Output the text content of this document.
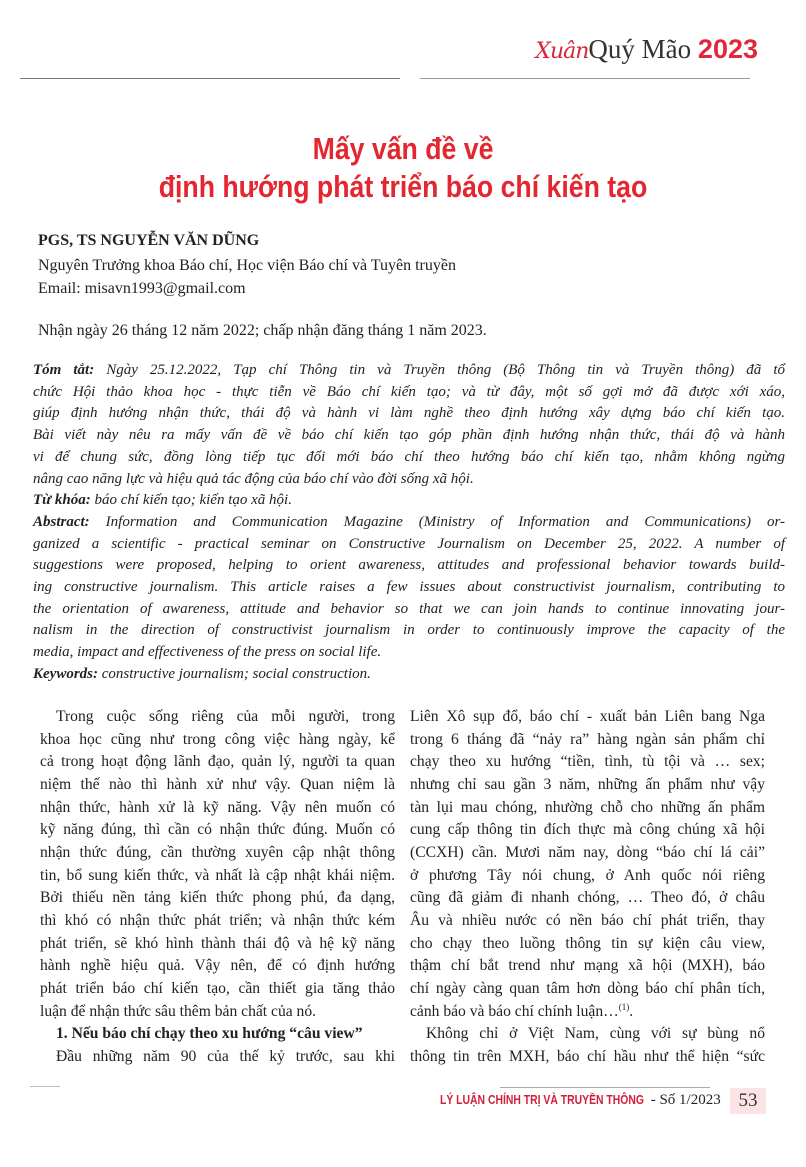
XuânQuý Mão 2023
Mấy vấn đề về
định hướng phát triển báo chí kiến tạo
PGS, TS NGUYỄN VĂN DŨNG
Nguyên Trưởng khoa Báo chí, Học viện Báo chí và Tuyên truyền
Email: misavn1993@gmail.com
Nhận ngày 26 tháng 12 năm 2022; chấp nhận đăng tháng 1 năm 2023.
Tóm tắt: Ngày 25.12.2022, Tạp chí Thông tin và Truyền thông (Bộ Thông tin và Truyền thông) đã tổ
chức Hội thảo khoa học - thực tiễn về Báo chí kiến tạo; và từ đây, một số gợi mở đã được xới xáo,
giúp định hướng nhận thức, thái độ và hành vi làm nghề theo định hướng xây dựng báo chí kiến tạo.
Bài viết này nêu ra mấy vấn đề về báo chí kiến tạo góp phần định hướng nhận thức, thái độ và hành
vi để chung sức, đồng lòng tiếp tục đổi mới báo chí theo hướng báo chí kiến tạo, nhằm không ngừng
nâng cao năng lực và hiệu quả tác động của báo chí vào đời sống xã hội.
Từ khóa: báo chí kiến tạo; kiến tạo xã hội.
Abstract: Information and Communication Magazine (Ministry of Information and Communications) or-
ganized a scientific - practical seminar on Constructive Journalism on December 25, 2022. A number of
suggestions were proposed, helping to orient awareness, attitudes and professional behavior towards build-
ing constructive journalism. This article raises a few issues about constructivist journalism, contributing to
the orientation of awareness, attitude and behavior so that we can join hands to continue innovating jour-
nalism in the direction of constructivist journalism in order to continuously improve the capacity of the
media, impact and effectiveness of the press on social life.
Keywords: constructive journalism; social construction.
Trong cuộc sống riêng của mỗi người, trong
khoa học cũng như trong công việc hàng ngày, kể
cả trong hoạt động lãnh đạo, quản lý, người ta quan
niệm thế nào thì hành xử như vậy. Quan niệm là
nhận thức, hành xử là kỹ năng. Vậy nên muốn có
kỹ năng đúng, thì cần có nhận thức đúng. Muốn có
nhận thức đúng, cần thường xuyên cập nhật thông
tin, bổ sung kiến thức, và nhất là cập nhật khái niệm.
Bởi thiếu nền tảng kiến thức phong phú, đa dạng,
thì khó có nhận thức phát triển; và nhận thức kém
phát triển, sẽ khó hình thành thái độ và hệ kỹ năng
hành nghề hiệu quả. Vậy nên, để có định hướng
phát triển báo chí kiến tạo, cần thiết gia tăng thảo
luận để nhận thức sâu thêm bản chất của nó.
1. Nếu báo chí chạy theo xu hướng “câu view”
Đầu những năm 90 của thế kỷ trước, sau khi
Liên Xô sụp đổ, báo chí - xuất bản Liên bang Nga
trong 6 tháng đã “nảy ra” hàng ngàn sản phẩm chỉ
chạy theo xu hướng “tiền, tình, tù tội và … sex;
nhưng chỉ sau gần 3 năm, những ấn phẩm như vậy
tàn lụi mau chóng, nhường chỗ cho những ấn phẩm
cung cấp thông tin đích thực mà công chúng xã hội
(CCXH) cần. Mươi năm nay, dòng “báo chí lá cải”
ở phương Tây nói chung, ở Anh quốc nói riêng
cũng đã giảm đi nhanh chóng, … Theo đó, ở châu
Âu và nhiều nước có nền báo chí phát triển, thay
cho chạy theo luồng thông tin sự kiện câu view,
thậm chí bắt trend như mạng xã hội (MXH), báo
chí ngày càng quan tâm hơn dòng báo chí phân tích,
cảnh báo và báo chí chính luận…$^{(1)}$.
Không chỉ ở Việt Nam, cùng với sự bùng nổ
thông tin trên MXH, báo chí hầu như thể hiện “sức
LÝ LUẬN CHÍNH TRỊ VÀ TRUYỀN THÔNG - Số 1/2023 53
